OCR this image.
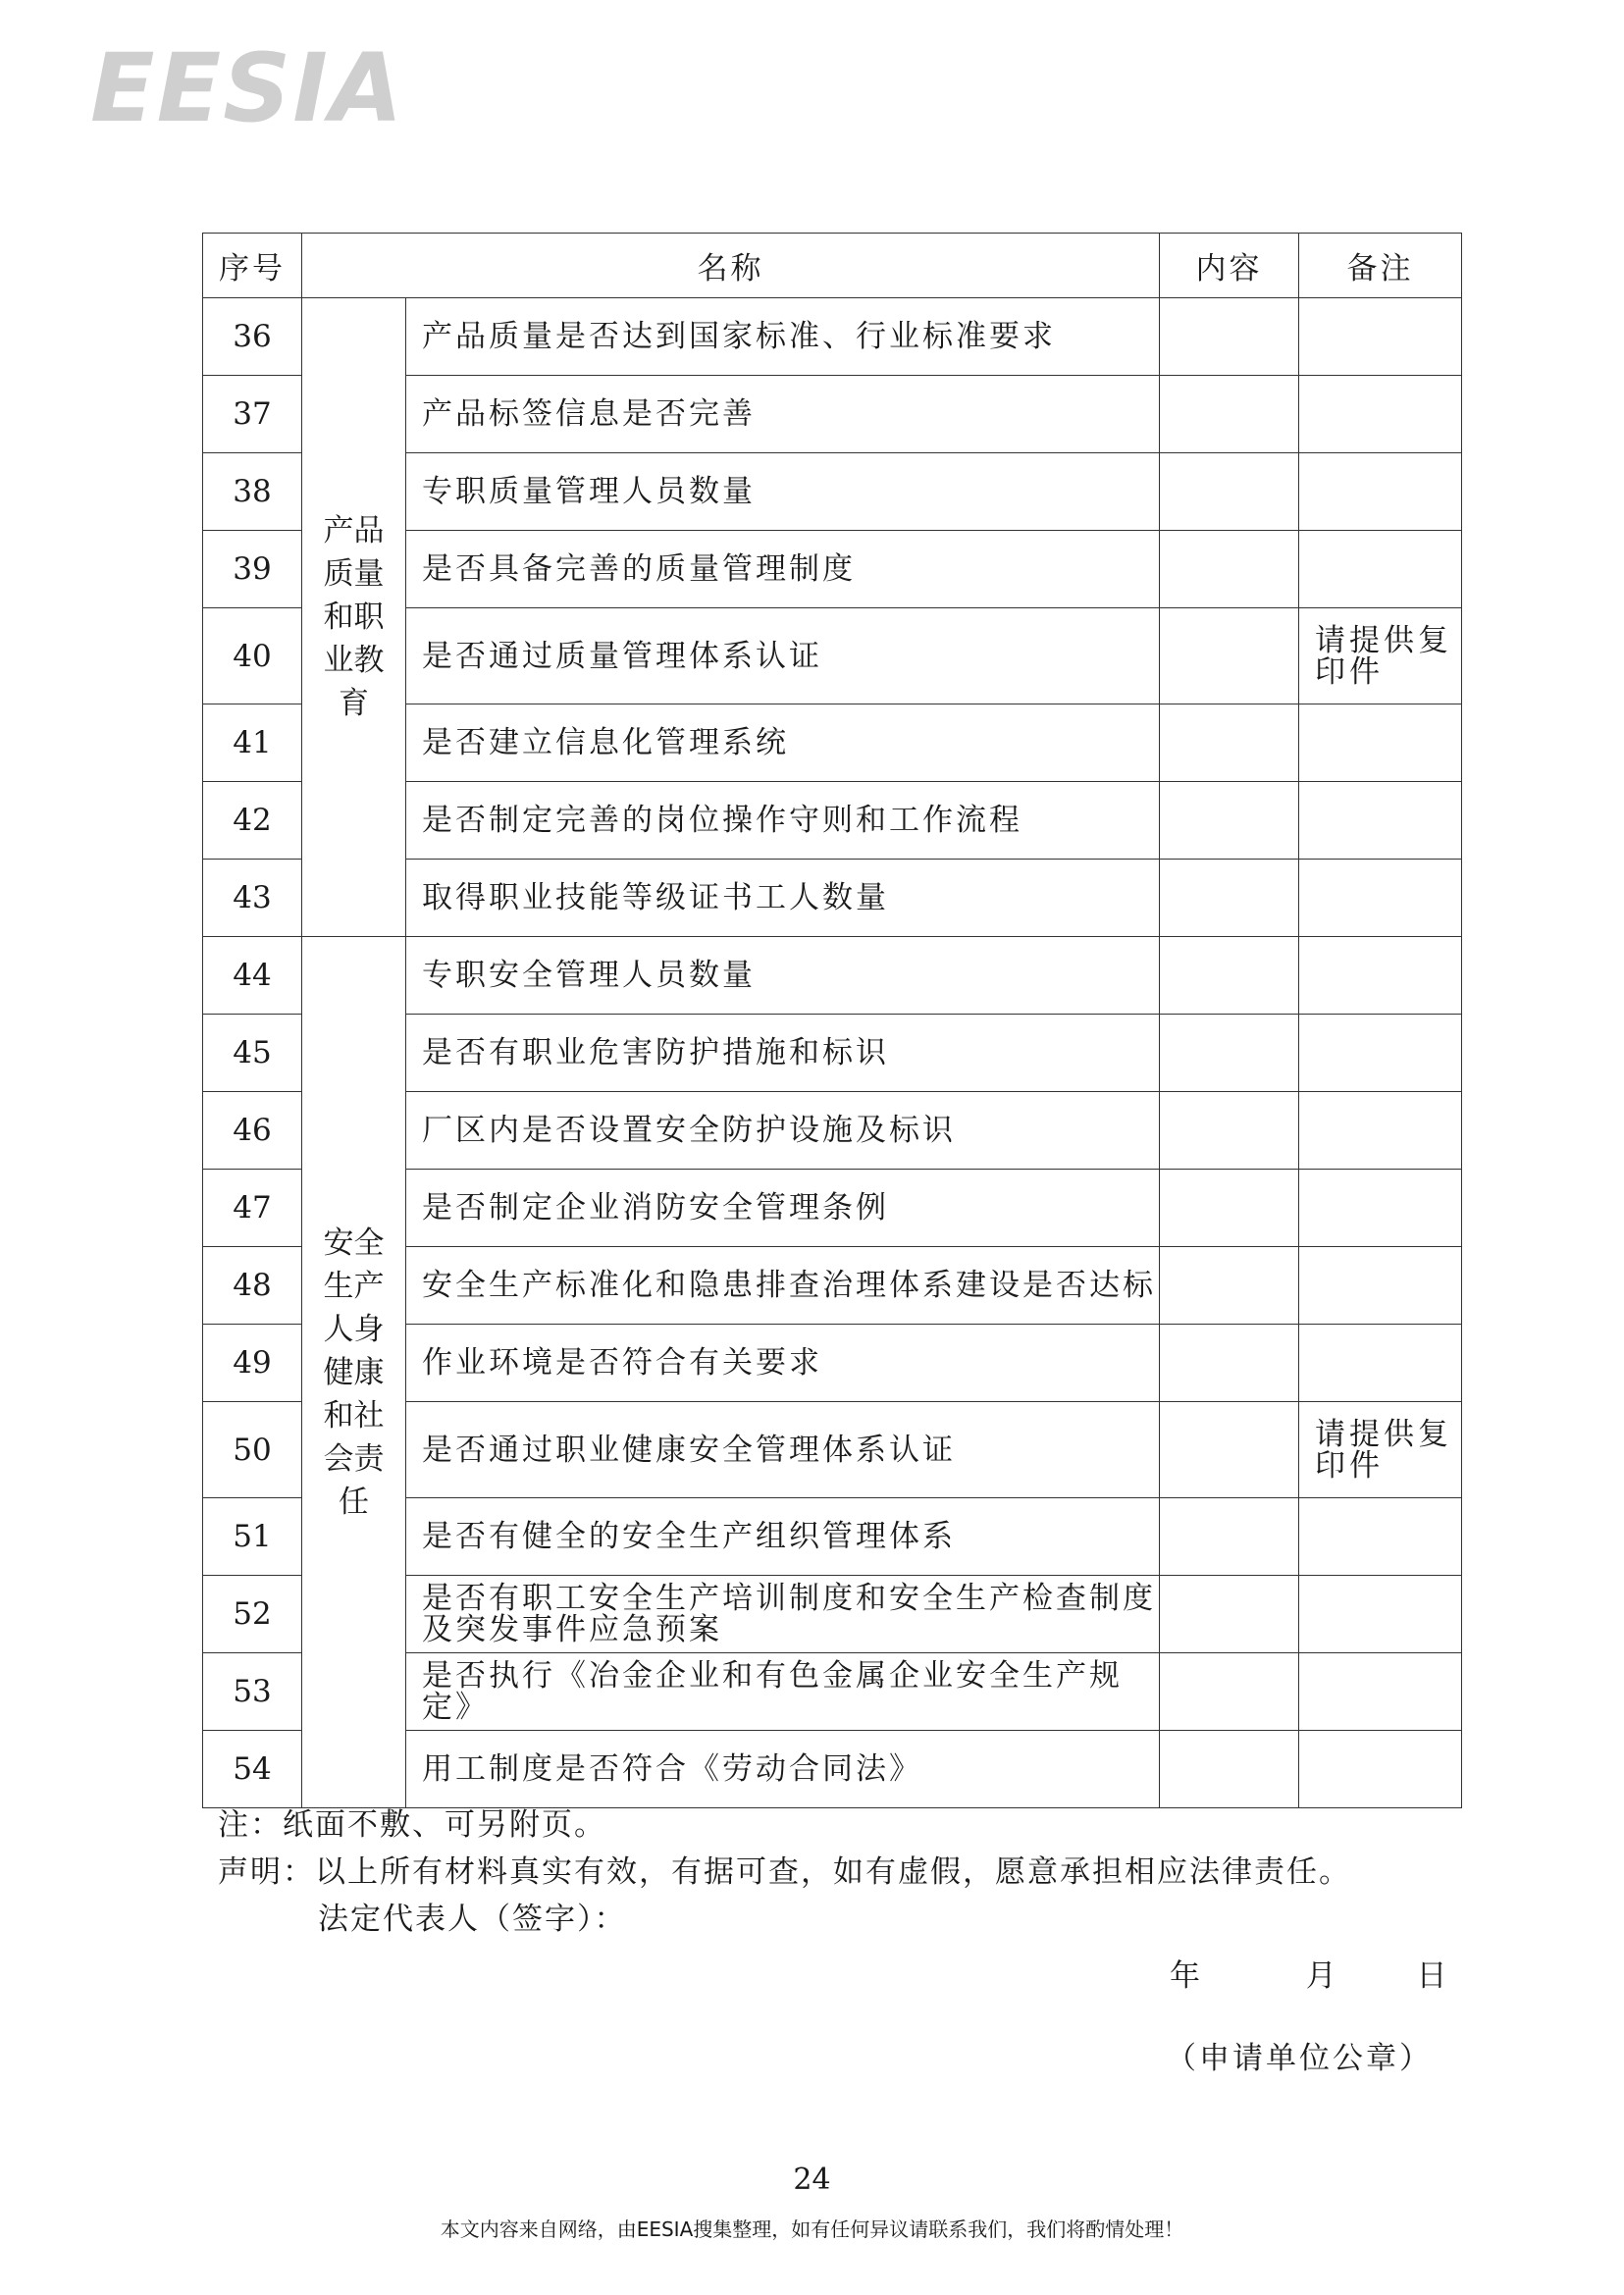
EESIA
序号	名称		内容	备注
36	产品质量和职业教育	产品质量是否达到国家标准、行业标准要求		
37		产品标签信息是否完善		
38		专职质量管理人员数量		
39		是否具备完善的质量管理制度		
40		是否通过质量管理体系认证		请提供复印件
41		是否建立信息化管理系统		
42		是否制定完善的岗位操作守则和工作流程		
43		取得职业技能等级证书工人数量		
44	安全生产人身健康和社会责任	专职安全管理人员数量		
45		是否有职业危害防护措施和标识		
46		厂区内是否设置安全防护设施及标识		
47		是否制定企业消防安全管理条例		
48		安全生产标准化和隐患排查治理体系建设是否达标		
49		作业环境是否符合有关要求		
50		是否通过职业健康安全管理体系认证		请提供复印件
51		是否有健全的安全生产组织管理体系		
52		是否有职工安全生产培训制度和安全生产检查制度及突发事件应急预案		
53		是否执行《冶金企业和有色金属企业安全生产规定》		
54		用工制度是否符合《劳动合同法》		
注：纸面不敷、可另附页。
声明：以上所有材料真实有效，有据可查，如有虚假，愿意承担相应法律责任。
法定代表人（签字）：
年	月	日
（申请单位公章）
24
本文内容来自网络，由EESIA搜集整理，如有任何异议请联系我们，我们将酌情处理！
